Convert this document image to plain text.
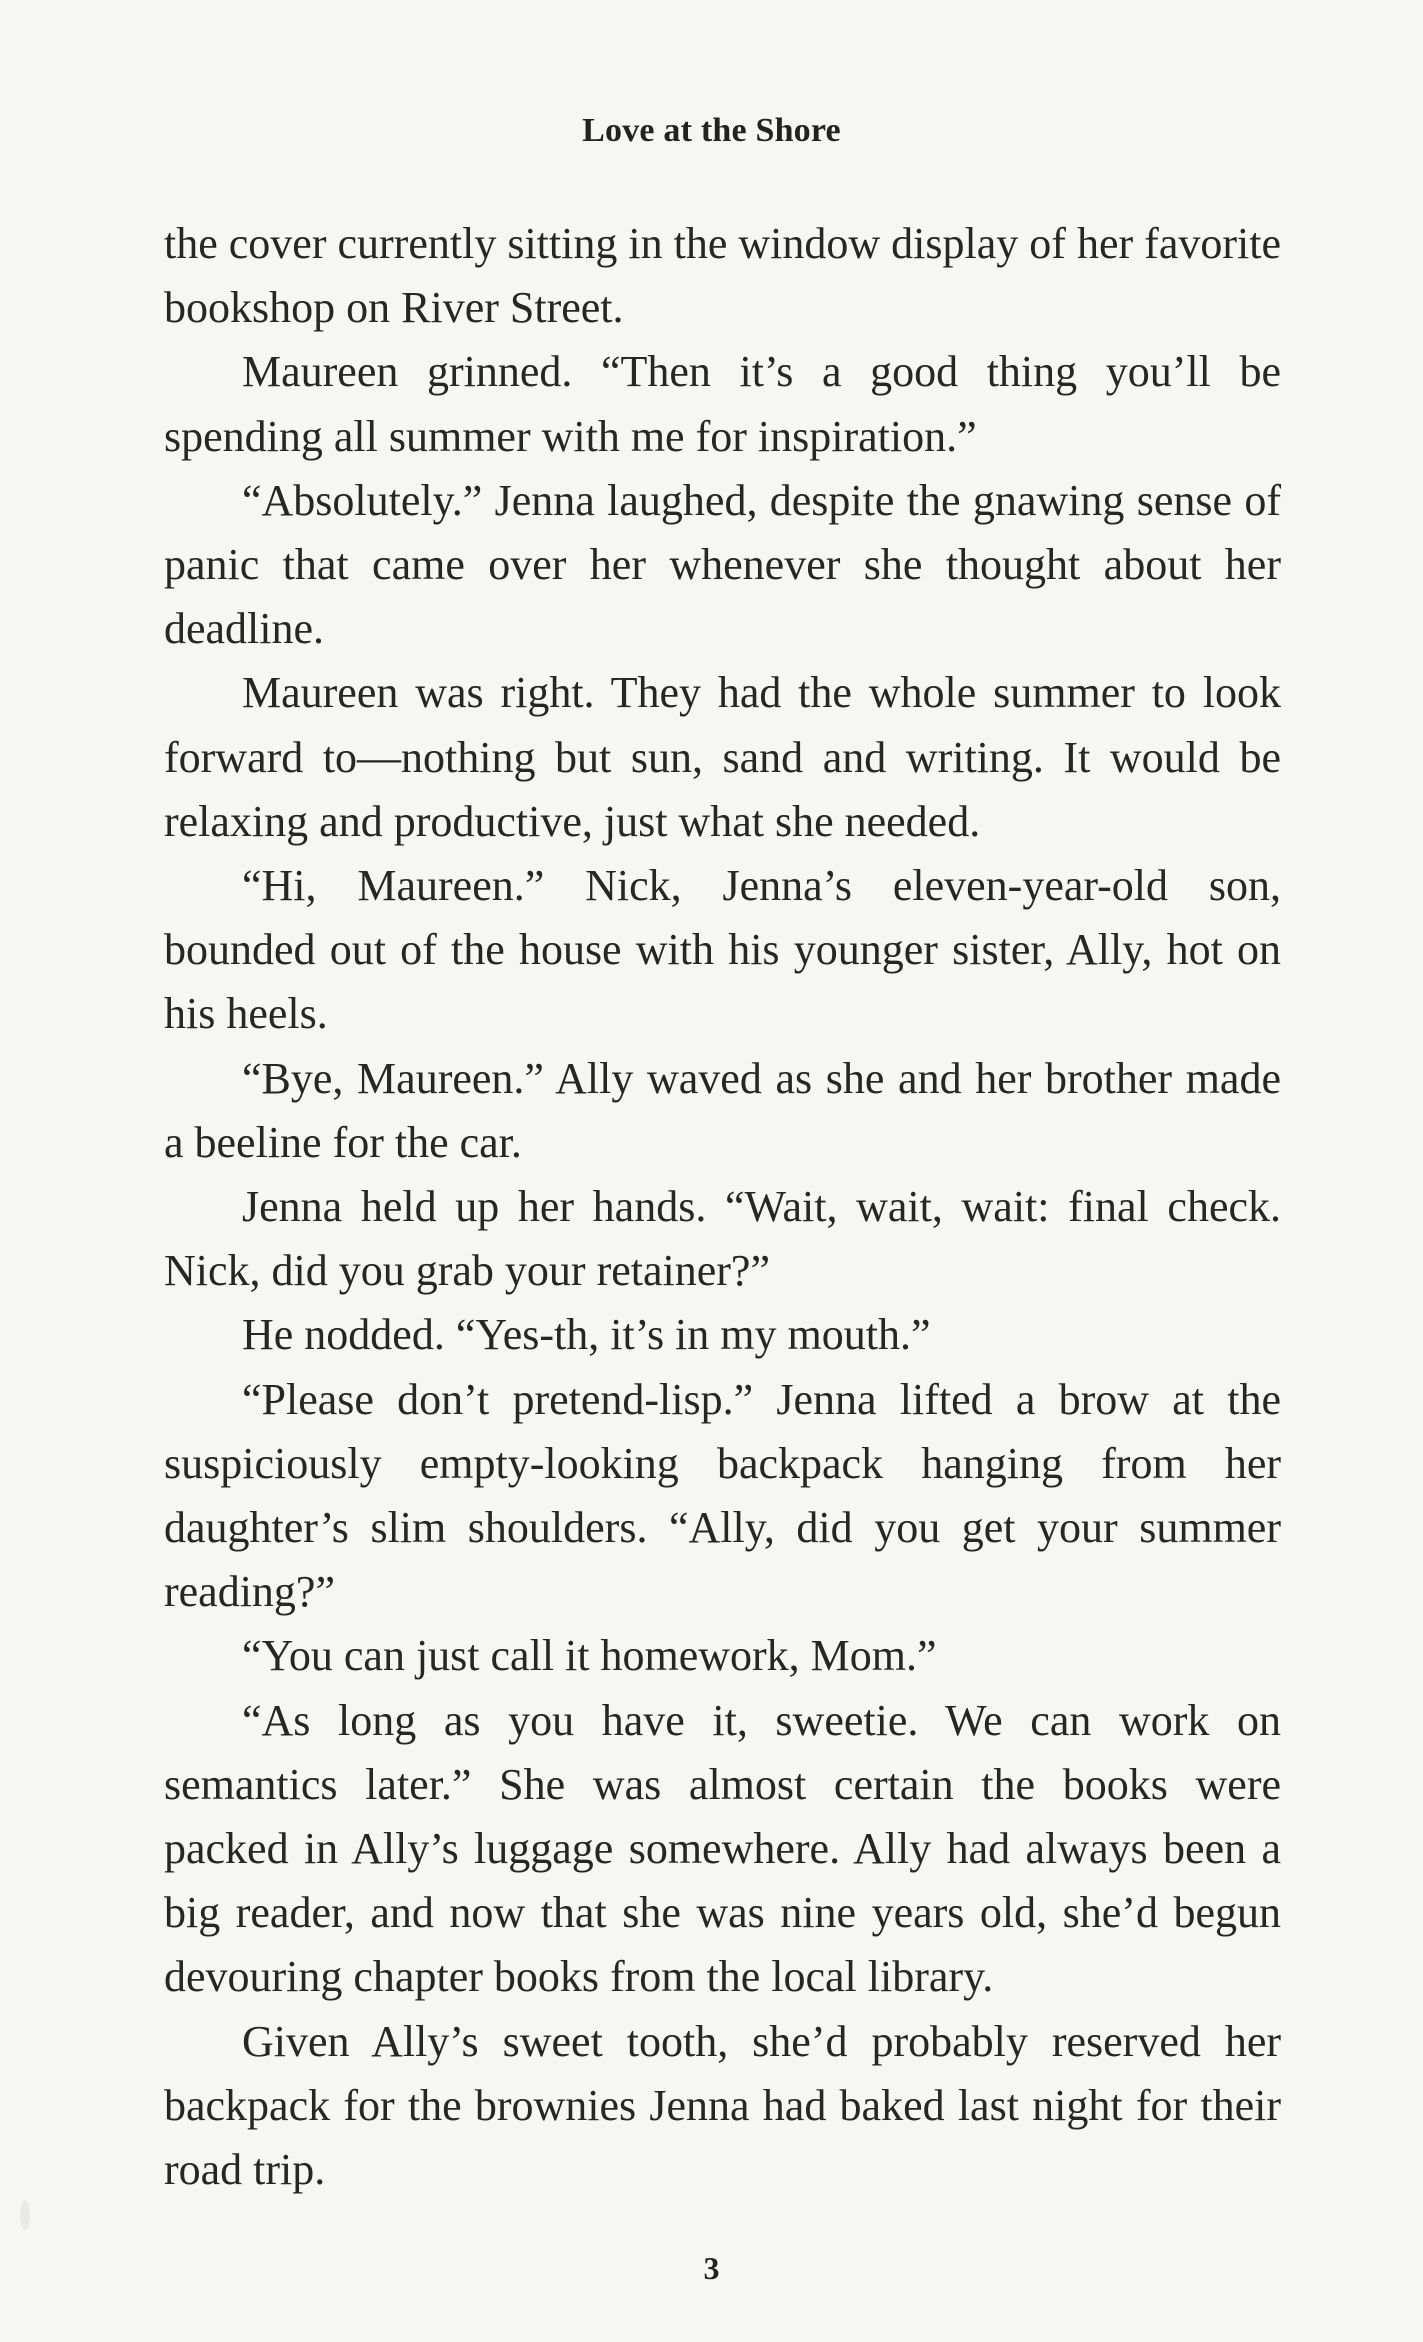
Love at the Shore

the cover currently sitting in the window display of her favorite bookshop on River Street.

Maureen grinned. “Then it’s a good thing you’ll be spending all summer with me for inspiration.”

“Absolutely.” Jenna laughed, despite the gnawing sense of panic that came over her whenever she thought about her deadline.

Maureen was right. They had the whole summer to look forward to—nothing but sun, sand and writing. It would be relaxing and productive, just what she needed.

“Hi, Maureen.” Nick, Jenna’s eleven-year-old son, bounded out of the house with his younger sister, Ally, hot on his heels.

“Bye, Maureen.” Ally waved as she and her brother made a beeline for the car.

Jenna held up her hands. “Wait, wait, wait: final check. Nick, did you grab your retainer?”

He nodded. “Yes-th, it’s in my mouth.”

“Please don’t pretend-lisp.” Jenna lifted a brow at the suspiciously empty-looking backpack hanging from her daughter’s slim shoulders. “Ally, did you get your summer reading?”

“You can just call it homework, Mom.”

“As long as you have it, sweetie. We can work on semantics later.” She was almost certain the books were packed in Ally’s luggage somewhere. Ally had always been a big reader, and now that she was nine years old, she’d begun devouring chapter books from the local library.

Given Ally’s sweet tooth, she’d probably reserved her backpack for the brownies Jenna had baked last night for their road trip.

3
